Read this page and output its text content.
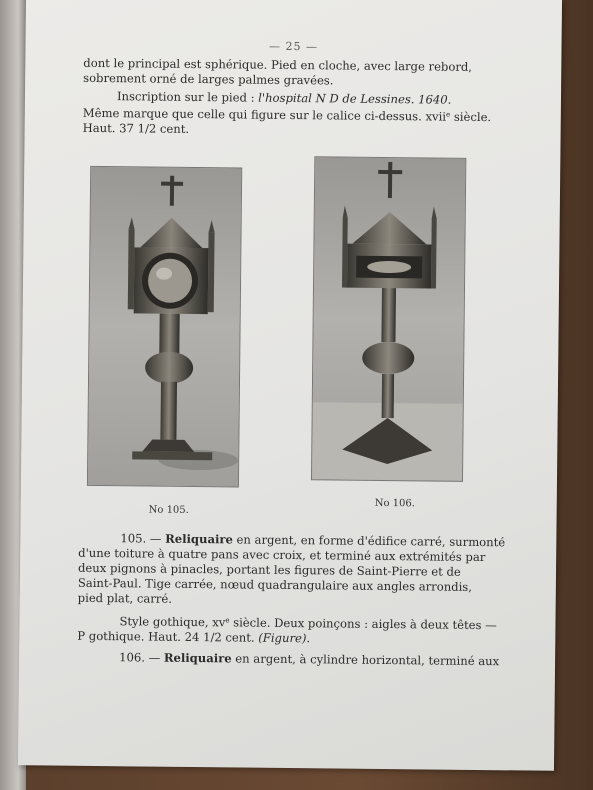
— 25 —

dont le principal est sphérique. Pied en cloche, avec large rebord,

sobrement orné de larges palmes gravées.

Inscription sur le pied : l'hospital N D de Lessines. 1640.

Même marque que celle qui figure sur le calice ci-dessus. xvii$^e$ siècle.

Haut. 37 1/2 cent.

No 105.
No 106.

105. — Reliquaire en argent, en forme d'édifice carré, surmonté

d'une toiture à quatre pans avec croix, et terminé aux extrémités par

deux pignons à pinacles, portant les figures de Saint-Pierre et de

Saint-Paul. Tige carrée, nœud quadrangulaire aux angles arrondis,

pied plat, carré.

Style gothique, $xv^e$ siècle. Deux poinçons : aigles à deux têtes —

P gothique. Haut. 24 1/2 cent. (Figure).

106. — Reliquaire en argent, à cylindre horizontal, terminé aux
